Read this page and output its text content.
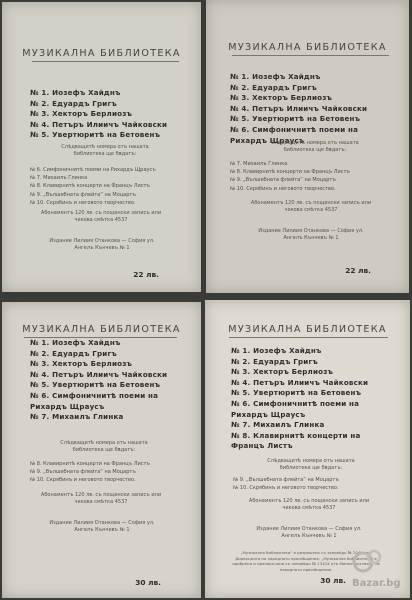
МУЗИКАЛНА БИБЛИОТЕКА
№ 1. Иозефъ Хайднъ
№ 2. Едуардъ Григъ
№ 3. Хекторъ Берлиозъ
№ 4. Петъръ Илиичъ Чайковски
№ 5. Увертюритѣ на Бетовенъ
Слѣдващитѣ номера отъ нашата библиотека ще бѫдатъ:
№ 6. Симфоничнитѣ поеми на Рихардъ Щраусъ
№ 7. Михаилъ Глинка
№ 8. Клавирнитѣ концерти на Францъ Листъ
№ 9. „Вълшебната флейта“ на Моцартъ
№ 10. Скрябинъ и неговото творчество.
Абонаментъ 120 лв. съ пощенски записъ или чекова смѣтка 4537
Издание Лилиия Отанкова — София ул. Ангелъ Кънчевъ № 1
22 лв.
МУЗИКАЛНА БИБЛИОТЕКА
№ 1. Иозефъ Хайднъ
№ 2. Едуардъ Григъ
№ 3. Хекторъ Берлиозъ
№ 4. Петъръ Илиичъ Чайковски
№ 5. Увертюритѣ на Бетовенъ
№ 6. Симфоничнитѣ поеми на Рихардъ Щраусъ
Слѣдващитѣ номера отъ нашата библиотека ще бѫдатъ:
№ 7. Михаилъ Глинка
№ 8. Клавирнитѣ концерти на Францъ Листъ
№ 9. „Вълшебната флейта“ на Моцартъ
№ 10. Скрябинъ и неговото творчество.
Абонаментъ 120 лв. съ пощенски записъ или чекова смѣтка 4537
Издание Лилиия Отанкова — София ул. Ангелъ Кънчевъ № 1
22 лв.
МУЗИКАЛНА БИБЛИОТЕКА
№ 1. Иозефъ Хайднъ
№ 2. Едуардъ Григъ
№ 3. Хекторъ Берлиозъ
№ 4. Петъръ Илиичъ Чайковски
№ 5. Увертюритѣ на Бетовенъ
№ 6. Симфоничнитѣ поеми на Рихардъ Щраусъ
№ 7. Михаилъ Глинка
Слѣдващитѣ номера отъ нашата библиотека ще бѫдатъ:
№ 8. Клавирнитѣ концерти на Францъ Листъ
№ 9. „Вълшебната флейта“ на Моцартъ
№ 10. Скрябинъ и неговото творчество.
Абонаментъ 120 лв. съ пощенски записъ или чекова смѣтка 4537
Издание Лилиия Отанкова — София ул. Ангелъ Кънчевъ № 1
30 лв.
МУЗИКАЛНА БИБЛИОТЕКА
№ 1. Иозефъ Хайднъ
№ 2. Едуардъ Григъ
№ 3. Хекторъ Берлиозъ
№ 4. Петъръ Илиичъ Чайковски
№ 5. Увертюритѣ на Бетовенъ
№ 6. Симфоничнитѣ поеми на Рихардъ Щраусъ
№ 7. Михаилъ Глинка
№ 8. Клавирнитѣ концерти на Францъ Листъ
Слѣдващитѣ номера отъ нашата библиотека ще бѫдатъ:
№ 9. „Вълшебната флейта“ на Моцартъ
№ 10. Скрябинъ и неговото творчество.
Абонаментъ 120 лв. съ пощенски записъ или чекова смѣтка 4537
Издание Лилиия Отанкова — София ул. Ангелъ Кънчевъ № 1
„Музикална библиотека“ е разрешена съ заповѣдь № 2048 отъ Дирекцията на народното просвѣщение. „Музикална библиотека“ е одобрена и препоръчана съ заповѣдь № 13414 отъ Министерството на народното просвѣщение.
30 лв. Bazar.bg
